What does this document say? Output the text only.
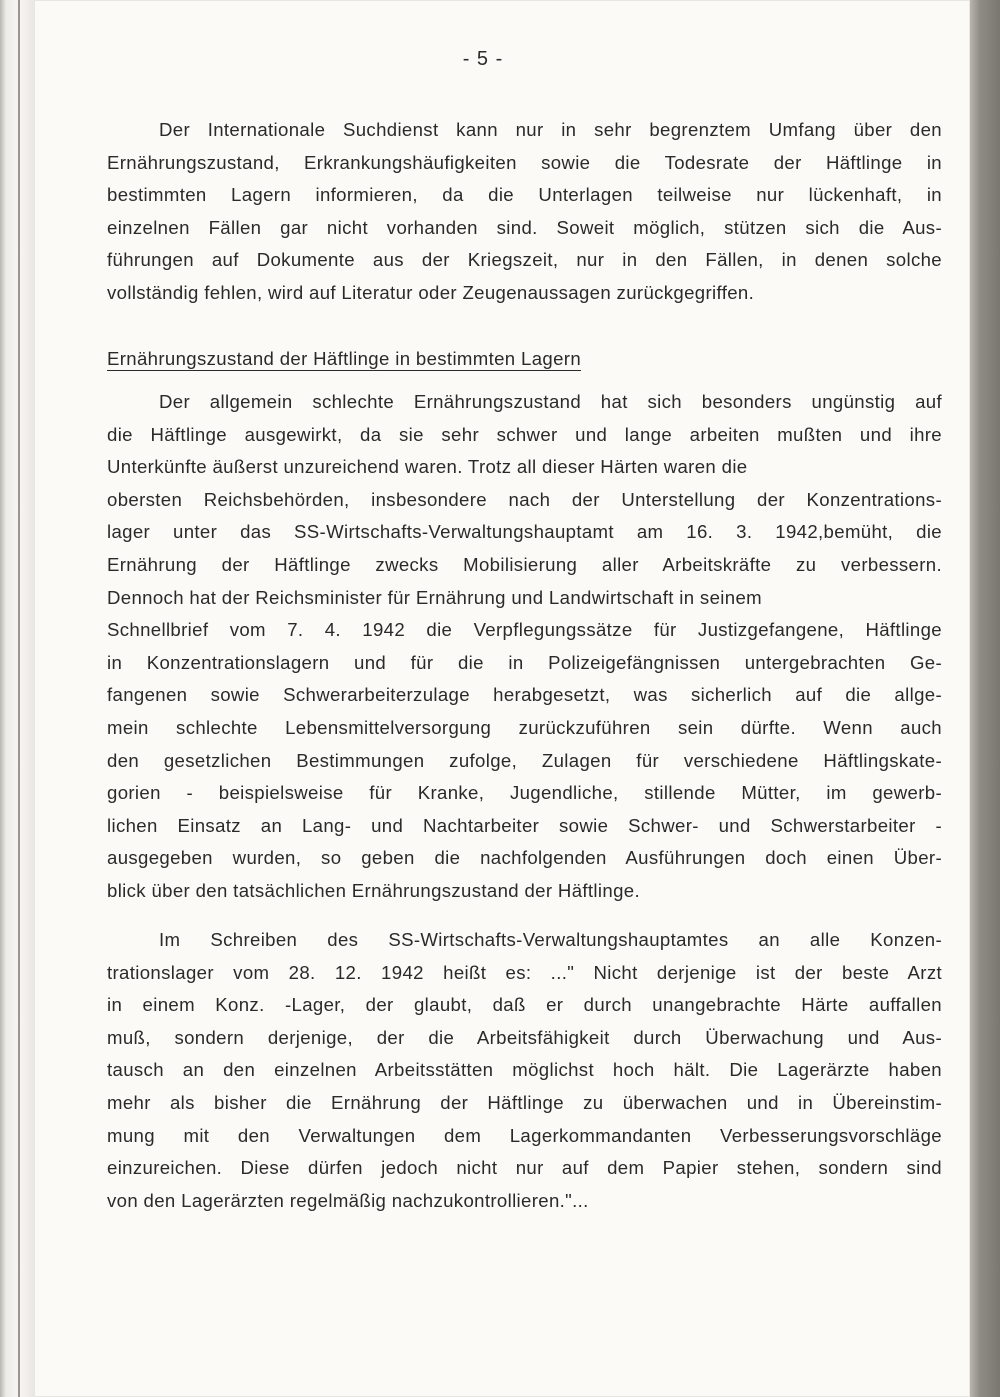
- 5 -
Der Internationale Suchdienst kann nur in sehr begrenztem Umfang über den
Ernährungszustand, Erkrankungshäufigkeiten sowie die Todesrate der Häftlinge in
bestimmten Lagern informieren, da die Unterlagen teilweise nur lückenhaft, in
einzelnen Fällen gar nicht vorhanden sind. Soweit möglich, stützen sich die Aus-
führungen auf Dokumente aus der Kriegszeit, nur in den Fällen, in denen solche
vollständig fehlen, wird auf Literatur oder Zeugenaussagen zurückgegriffen.
Ernährungszustand der Häftlinge in bestimmten Lagern
Der allgemein schlechte Ernährungszustand hat sich besonders ungünstig auf
die Häftlinge ausgewirkt, da sie sehr schwer und lange arbeiten mußten und ihre
Unterkünfte äußerst unzureichend waren. Trotz all dieser Härten waren die
obersten Reichsbehörden, insbesondere nach der Unterstellung der Konzentrations-
lager unter das SS-Wirtschafts-Verwaltungshauptamt am 16. 3. 1942,bemüht, die
Ernährung der Häftlinge zwecks Mobilisierung aller Arbeitskräfte zu verbessern.
Dennoch hat der Reichsminister für Ernährung und Landwirtschaft in seinem
Schnellbrief vom 7. 4. 1942 die Verpflegungssätze für Justizgefangene, Häftlinge
in Konzentrationslagern und für die in Polizeigefängnissen untergebrachten Ge-
fangenen sowie Schwerarbeiterzulage herabgesetzt, was sicherlich auf die allge-
mein schlechte Lebensmittelversorgung zurückzuführen sein dürfte. Wenn auch
den gesetzlichen Bestimmungen zufolge, Zulagen für verschiedene Häftlingskate-
gorien - beispielsweise für Kranke, Jugendliche, stillende Mütter, im gewerb-
lichen Einsatz an Lang- und Nachtarbeiter sowie Schwer- und Schwerstarbeiter -
ausgegeben wurden, so geben die nachfolgenden Ausführungen doch einen Über-
blick über den tatsächlichen Ernährungszustand der Häftlinge.
Im Schreiben des SS-Wirtschafts-Verwaltungshauptamtes an alle Konzen-
trationslager vom 28. 12. 1942 heißt es: ..." Nicht derjenige ist der beste Arzt
in einem Konz. -Lager, der glaubt, daß er durch unangebrachte Härte auffallen
muß, sondern derjenige, der die Arbeitsfähigkeit durch Überwachung und Aus-
tausch an den einzelnen Arbeitsstätten möglichst hoch hält. Die Lagerärzte haben
mehr als bisher die Ernährung der Häftlinge zu überwachen und in Übereinstim-
mung mit den Verwaltungen dem Lagerkommandanten Verbesserungsvorschläge
einzureichen. Diese dürfen jedoch nicht nur auf dem Papier stehen, sondern sind
von den Lagerärzten regelmäßig nachzukontrollieren."...
